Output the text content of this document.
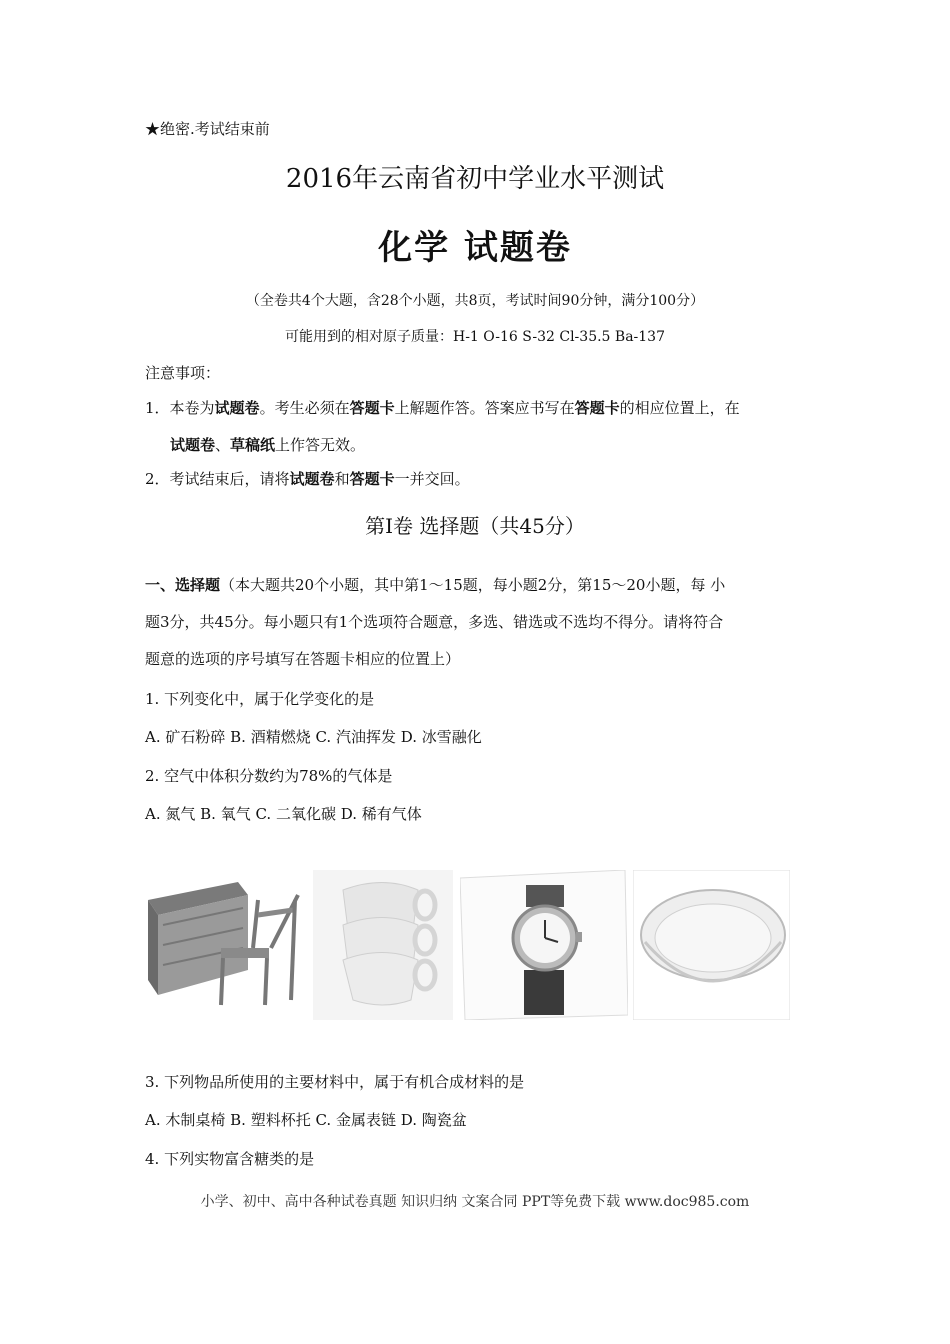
★绝密.考试结束前
2016年云南省初中学业水平测试
化学 试题卷
（全卷共4个大题，含28个小题，共8页，考试时间90分钟，满分100分）
可能用到的相对原子质量：H-1 O-16 S-32 Cl-35.5 Ba-137
注意事项：
1．本卷为试题卷。考生必须在答题卡上解题作答。答案应书写在答题卡的相应位置上，在
试题卷、草稿纸上作答无效。
2．考试结束后，请将试题卷和答题卡一并交回。
第Ⅰ卷 选择题（共45分）
一、选择题（本大题共20个小题，其中第1～15题，每小题2分，第15～20小题，每 小
题3分，共45分。每小题只有1个选项符合题意，多选、错选或不选均不得分。请将符合
题意的选项的序号填写在答题卡相应的位置上）
1. 下列变化中，属于化学变化的是
A. 矿石粉碎 B. 酒精燃烧 C. 汽油挥发 D. 冰雪融化
2. 空气中体积分数约为78%的气体是
A. 氮气 B. 氧气 C. 二氧化碳 D. 稀有气体
3. 下列物品所使用的主要材料中，属于有机合成材料的是
A. 木制桌椅 B. 塑料杯托 C. 金属表链 D. 陶瓷盆
4. 下列实物富含糖类的是
小学、初中、高中各种试卷真题 知识归纳 文案合同 PPT等免费下载 www.doc985.com
